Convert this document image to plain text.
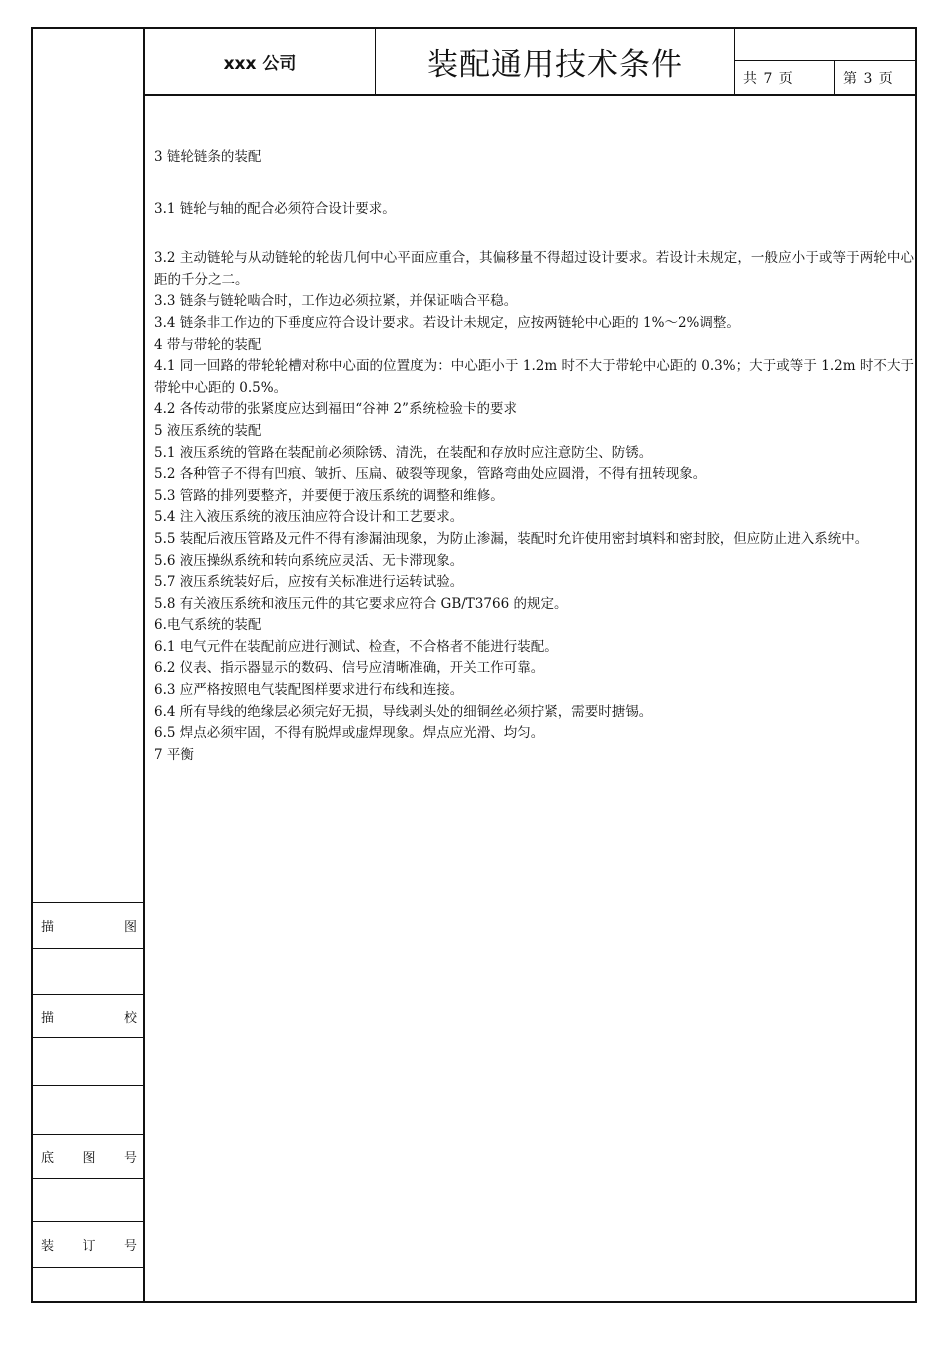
描	图
描	校
底 图 号
装 订 号
xxx 公司	装配通用技术条件	共 7 页	第 3 页

3 链轮链条的装配

3.1 链轮与轴的配合必须符合设计要求。

3.2 主动链轮与从动链轮的轮齿几何中心平面应重合，其偏移量不得超过设计要求。若设计未规定，一般应小于或等于两轮中心距的千分之二。

3.3 链条与链轮啮合时，工作边必须拉紧，并保证啮合平稳。

3.4 链条非工作边的下垂度应符合设计要求。若设计未规定，应按两链轮中心距的 1%～2%调整。

4 带与带轮的装配

4.1 同一回路的带轮轮槽对称中心面的位置度为：中心距小于 1.2m 时不大于带轮中心距的 0.3%；大于或等于 1.2m 时不大于带轮中心距的 0.5%。

4.2 各传动带的张紧度应达到福田“谷神 2”系统检验卡的要求

5 液压系统的装配

5.1 液压系统的管路在装配前必须除锈、清洗，在装配和存放时应注意防尘、防锈。

5.2 各种管子不得有凹痕、皱折、压扁、破裂等现象，管路弯曲处应圆滑，不得有扭转现象。

5.3 管路的排列要整齐，并要便于液压系统的调整和维修。

5.4 注入液压系统的液压油应符合设计和工艺要求。

5.5 装配后液压管路及元件不得有渗漏油现象，为防止渗漏，装配时允许使用密封填料和密封胶，但应防止进入系统中。

5.6 液压操纵系统和转向系统应灵活、无卡滞现象。

5.7 液压系统装好后，应按有关标准进行运转试验。

5.8 有关液压系统和液压元件的其它要求应符合 GB/T3766 的规定。

6.电气系统的装配

6.1 电气元件在装配前应进行测试、检查，不合格者不能进行装配。

6.2 仪表、指示器显示的数码、信号应清晰准确，开关工作可靠。

6.3 应严格按照电气装配图样要求进行布线和连接。

6.4 所有导线的绝缘层必须完好无损，导线剥头处的细铜丝必须拧紧，需要时搪锡。

6.5 焊点必须牢固，不得有脱焊或虚焊现象。焊点应光滑、均匀。

7 平衡
